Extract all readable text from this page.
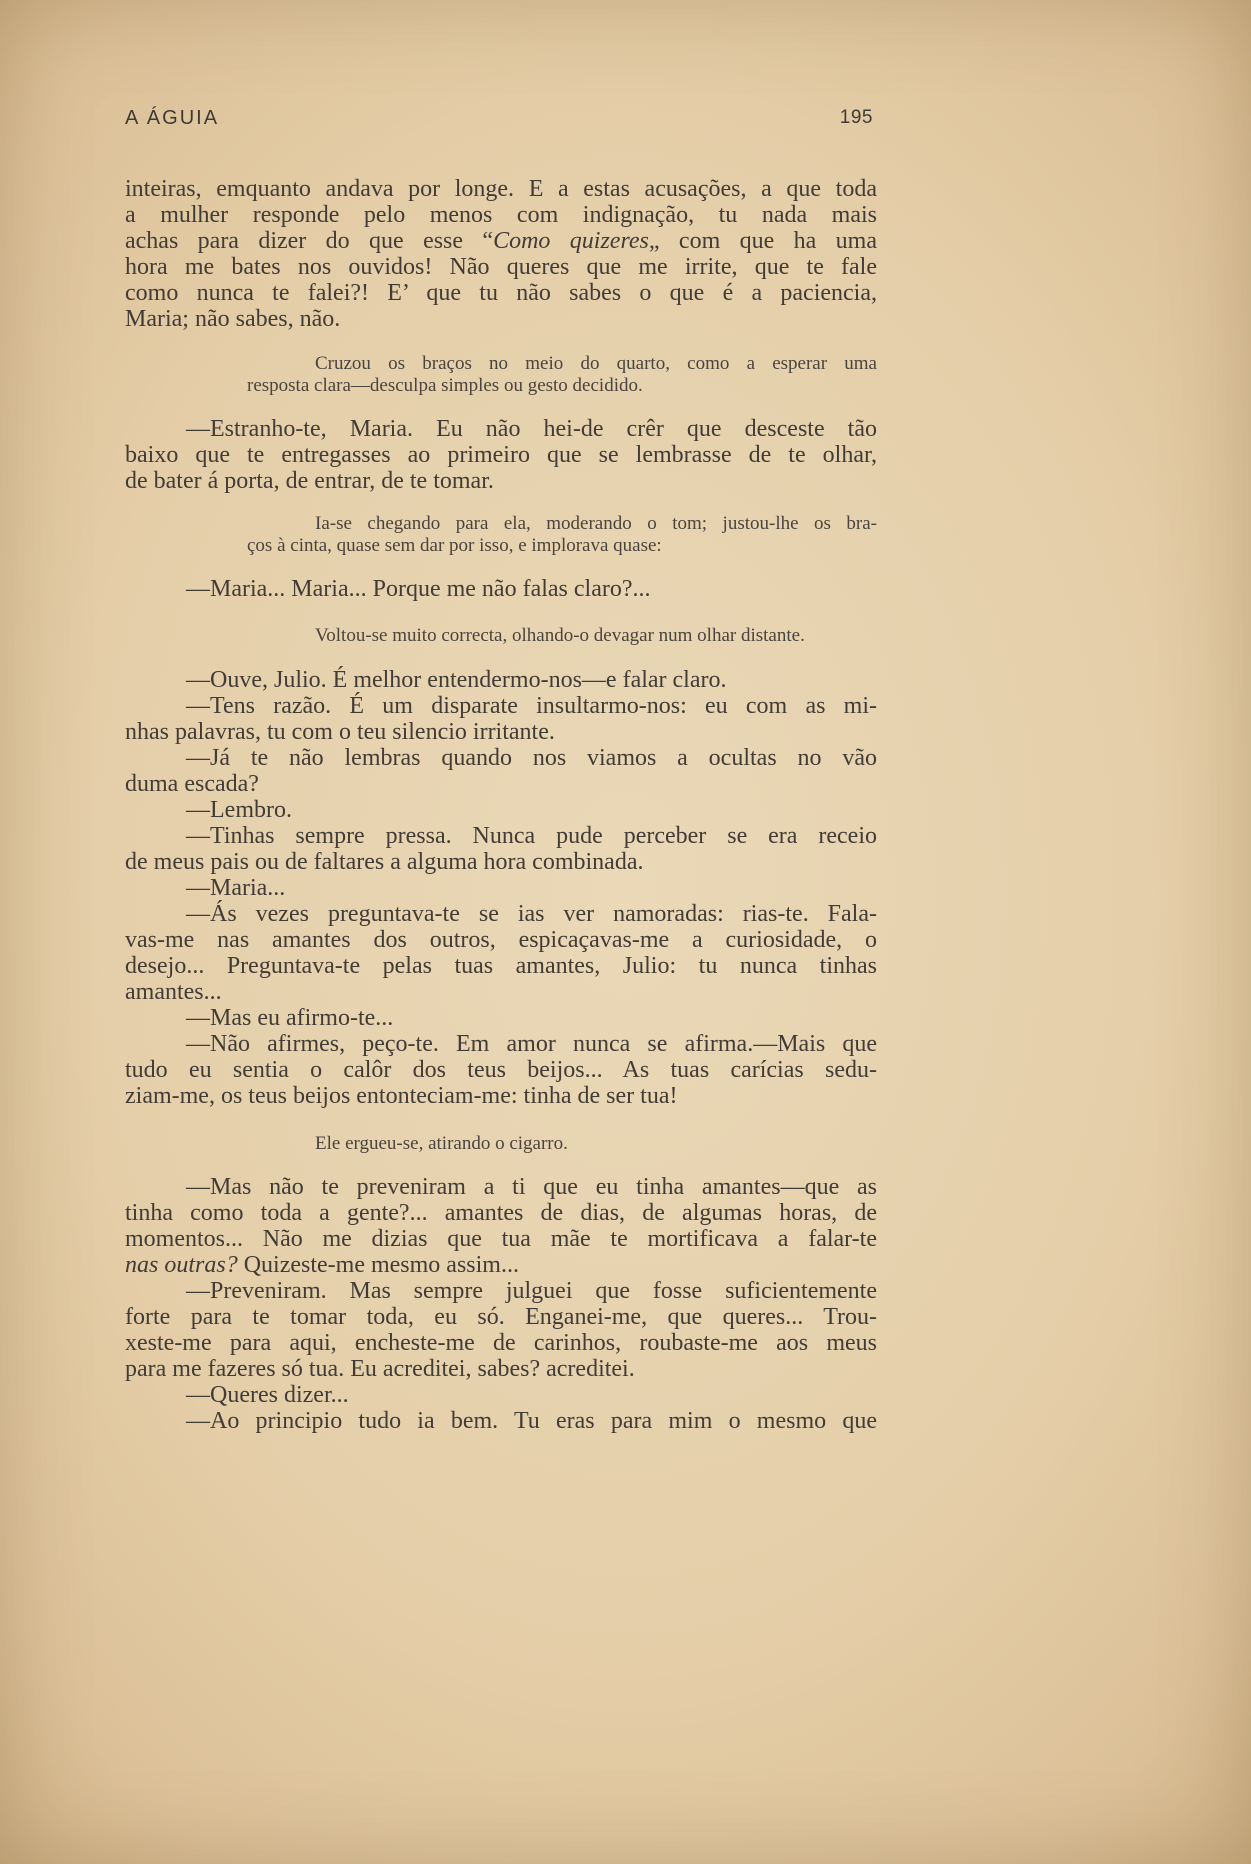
A ÁGUIA	195
inteiras, emquanto andava por longe. E a estas acusações, a que toda
a mulher responde pelo menos com indignação, tu nada mais
achas para dizer do que esse “Como quizeres„ com que ha uma
hora me bates nos ouvidos! Não queres que me irrite, que te fale
como nunca te falei?! E’ que tu não sabes o que é a paciencia,
Maria; não sabes, não.
Cruzou os braços no meio do quarto, como a esperar uma
resposta clara—desculpa simples ou gesto decidido.
—Estranho-te, Maria. Eu não hei-de crêr que desceste tão
baixo que te entregasses ao primeiro que se lembrasse de te olhar,
de bater á porta, de entrar, de te tomar.
Ia-se chegando para ela, moderando o tom; justou-lhe os bra-
ços à cinta, quase sem dar por isso, e implorava quase:
—Maria... Maria... Porque me não falas claro?...
Voltou-se muito correcta, olhando-o devagar num olhar distante.
—Ouve, Julio. É melhor entendermo-nos—e falar claro.
—Tens razão. É um disparate insultarmo-nos: eu com as mi-
nhas palavras, tu com o teu silencio irritante.
—Já te não lembras quando nos viamos a ocultas no vão
duma escada?
—Lembro.
—Tinhas sempre pressa. Nunca pude perceber se era receio
de meus pais ou de faltares a alguma hora combinada.
—Maria...
—Ás vezes preguntava-te se ias ver namoradas: rias-te. Fala-
vas-me nas amantes dos outros, espicaçavas-me a curiosidade, o
desejo... Preguntava-te pelas tuas amantes, Julio: tu nunca tinhas
amantes...
—Mas eu afirmo-te...
—Não afirmes, peço-te. Em amor nunca se afirma.—Mais que
tudo eu sentia o calôr dos teus beijos... As tuas carícias sedu-
ziam-me, os teus beijos entonteciam-me: tinha de ser tua!
Ele ergueu-se, atirando o cigarro.
—Mas não te preveniram a ti que eu tinha amantes—que as
tinha como toda a gente?... amantes de dias, de algumas horas, de
momentos... Não me dizias que tua mãe te mortificava a falar-te
nas outras? Quizeste-me mesmo assim...
—Preveniram. Mas sempre julguei que fosse suficientemente
forte para te tomar toda, eu só. Enganei-me, que queres... Trou-
xeste-me para aqui, encheste-me de carinhos, roubaste-me aos meus
para me fazeres só tua. Eu acreditei, sabes? acreditei.
—Queres dizer...
—Ao principio tudo ia bem. Tu eras para mim o mesmo que
